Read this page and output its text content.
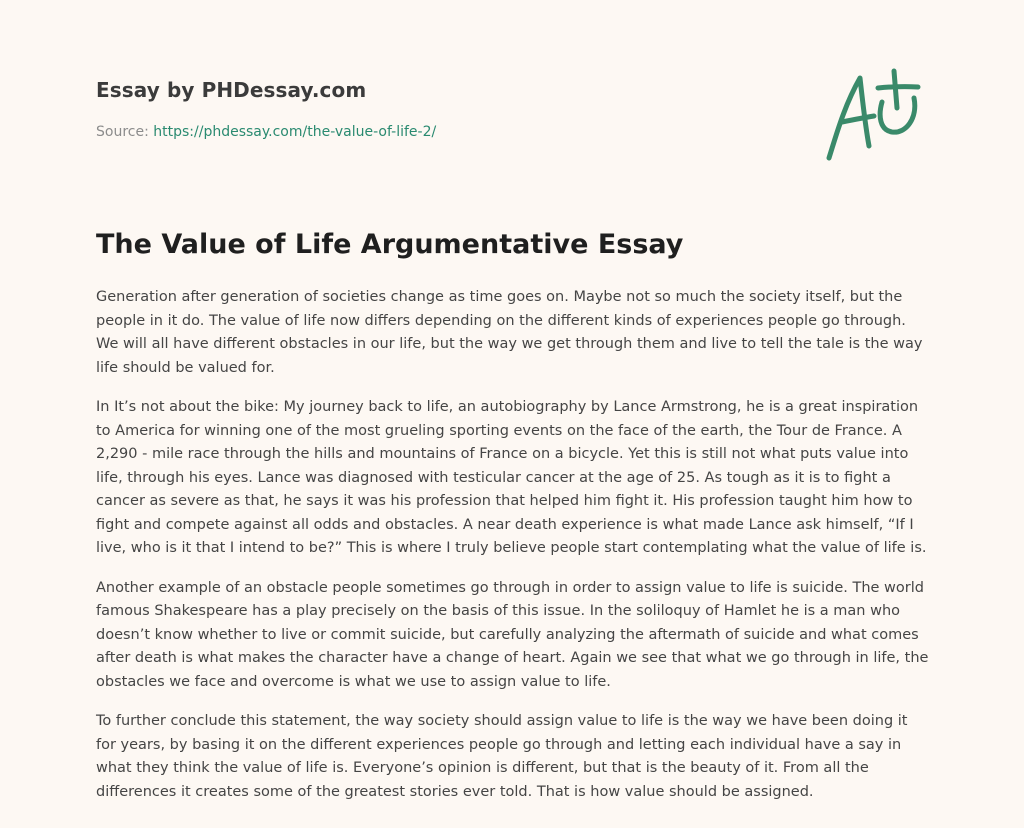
Essay by PHDessay.com
Source: https://phdessay.com/the-value-of-life-2/
The Value of Life Argumentative Essay

Generation after generation of societies change as time goes on. Maybe not so much the society itself, but the people in it do. The value of life now differs depending on the different kinds of experiences people go through. We will all have different obstacles in our life, but the way we get through them and live to tell the tale is the way life should be valued for.

In It’s not about the bike: My journey back to life, an autobiography by Lance Armstrong, he is a great inspiration to America for winning one of the most grueling sporting events on the face of the earth, the Tour de France. A 2,290 - mile race through the hills and mountains of France on a bicycle. Yet this is still not what puts value into life, through his eyes. Lance was diagnosed with testicular cancer at the age of 25. As tough as it is to fight a cancer as severe as that, he says it was his profession that helped him fight it. His profession taught him how to fight and compete against all odds and obstacles. A near death experience is what made Lance ask himself, “If I live, who is it that I intend to be?” This is where I truly believe people start contemplating what the value of life is.

Another example of an obstacle people sometimes go through in order to assign value to life is suicide. The world famous Shakespeare has a play precisely on the basis of this issue. In the soliloquy of Hamlet he is a man who doesn’t know whether to live or commit suicide, but carefully analyzing the aftermath of suicide and what comes after death is what makes the character have a change of heart. Again we see that what we go through in life, the obstacles we face and overcome is what we use to assign value to life.

To further conclude this statement, the way society should assign value to life is the way we have been doing it for years, by basing it on the different experiences people go through and letting each individual have a say in what they think the value of life is. Everyone’s opinion is different, but that is the beauty of it. From all the differences it creates some of the greatest stories ever told. That is how value should be assigned.
